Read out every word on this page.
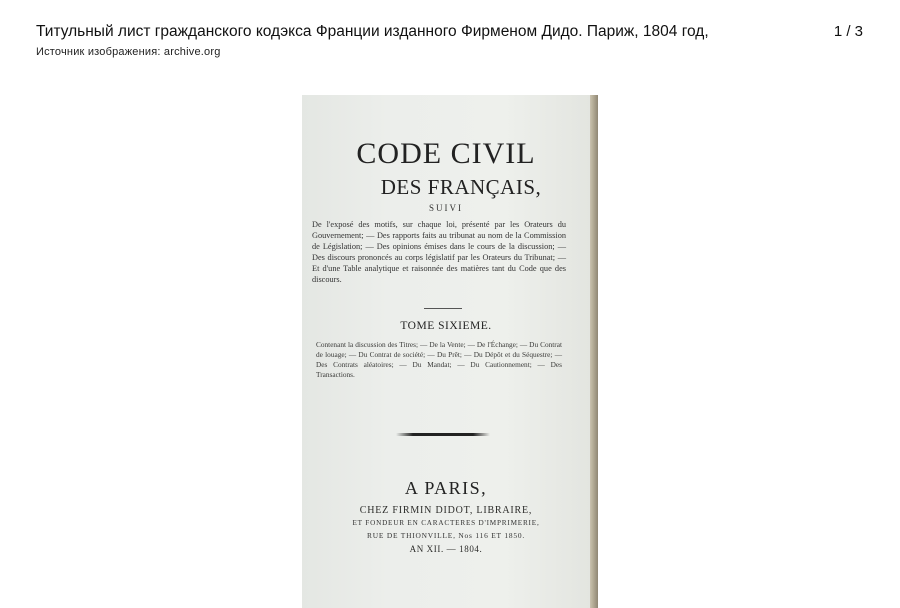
Титульный лист гражданского кодэкса Франции изданного Фирменом Дидо. Париж, 1804 год,
Источник изображения: archive.org
1 / 3
CODE CIVIL
DES FRANÇAIS,
SUIVI
De l'exposé des motifs, sur chaque loi, présenté par les Orateurs du Gouvernement; — Des rapports faits au tribunat au nom de la Commission de Législation; — Des opinions émises dans le cours de la discussion; — Des discours prononcés au corps législatif par les Orateurs du Tribunat; — Et d'une Table analytique et raisonnée des matières tant du Code que des discours.
TOME SIXIEME.
Contenant la discussion des Titres; — De la Vente; — De l'Échange; — Du Contrat de louage; — Du Contrat de société; — Du Prêt; — Du Dépôt et du Séquestre; — Des Contrats aléatoires; — Du Mandat; — Du Cautionnement; — Des Transactions.
A PARIS,
CHEZ FIRMIN DIDOT, LIBRAIRE,
ET FONDEUR EN CARACTERES D'IMPRIMERIE,
RUE DE THIONVILLE, Nos 116 ET 1850.
AN XII. — 1804.
